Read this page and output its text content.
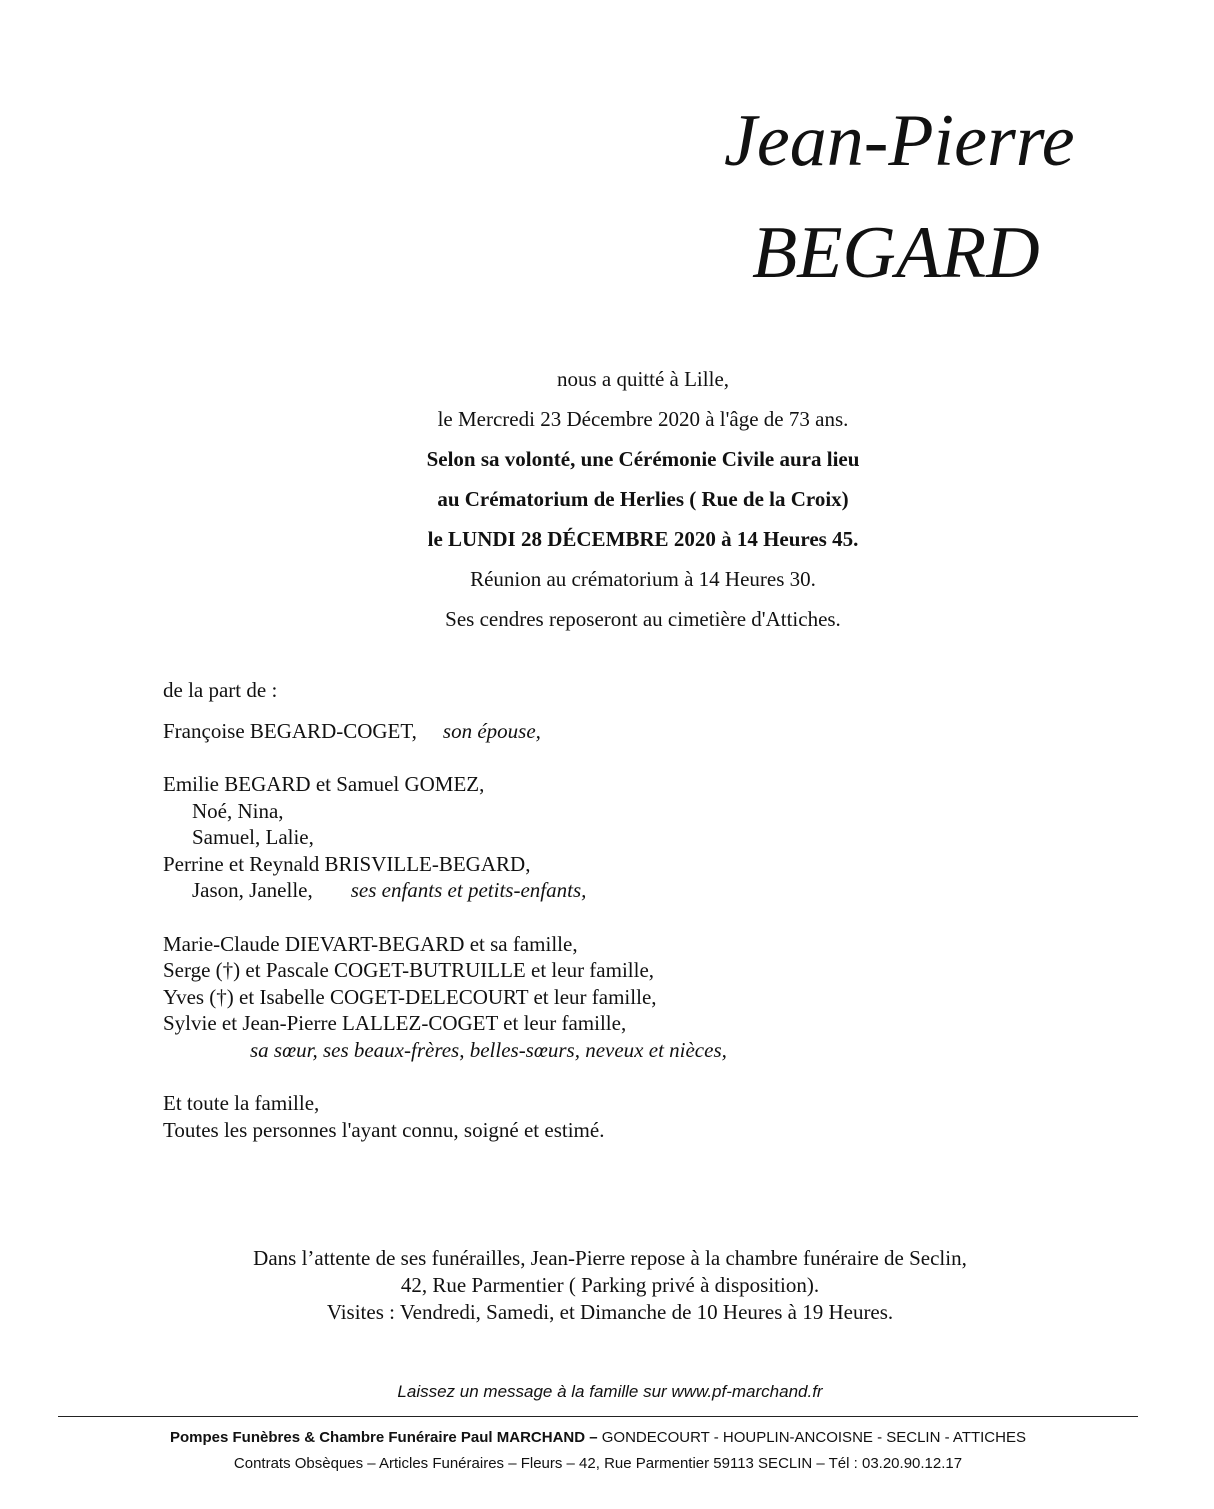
Jean-Pierre
BEGARD
nous a quitté à Lille,
le Mercredi 23 Décembre 2020 à l'âge de 73 ans.
Selon sa volonté, une Cérémonie Civile aura lieu
au Crématorium de Herlies ( Rue de la Croix)
le LUNDI 28 DÉCEMBRE 2020 à 14 Heures 45.
Réunion au crématorium à 14 Heures 30.
Ses cendres reposeront au cimetière d'Attiches.
de la part de :
Françoise BEGARD-COGET, son épouse,
Emilie BEGARD et Samuel GOMEZ,
Noé, Nina,
Samuel, Lalie,
Perrine et Reynald BRISVILLE-BEGARD,
Jason, Janelle, ses enfants et petits-enfants,
Marie-Claude DIEVART-BEGARD et sa famille,
Serge (†) et Pascale COGET-BUTRUILLE et leur famille,
Yves (†) et Isabelle COGET-DELECOURT et leur famille,
Sylvie et Jean-Pierre LALLEZ-COGET et leur famille,
sa sœur, ses beaux-frères, belles-sœurs, neveux et nièces,
Et toute la famille,
Toutes les personnes l'ayant connu, soigné et estimé.
Dans l’attente de ses funérailles, Jean-Pierre repose à la chambre funéraire de Seclin,
42, Rue Parmentier ( Parking privé à disposition).
Visites : Vendredi, Samedi, et Dimanche de 10 Heures à 19 Heures.
Laissez un message à la famille sur www.pf-marchand.fr
Pompes Funèbres & Chambre Funéraire Paul MARCHAND – GONDECOURT - HOUPLIN-ANCOISNE - SECLIN - ATTICHES
Contrats Obsèques – Articles Funéraires – Fleurs – 42, Rue Parmentier 59113 SECLIN – Tél : 03.20.90.12.17
